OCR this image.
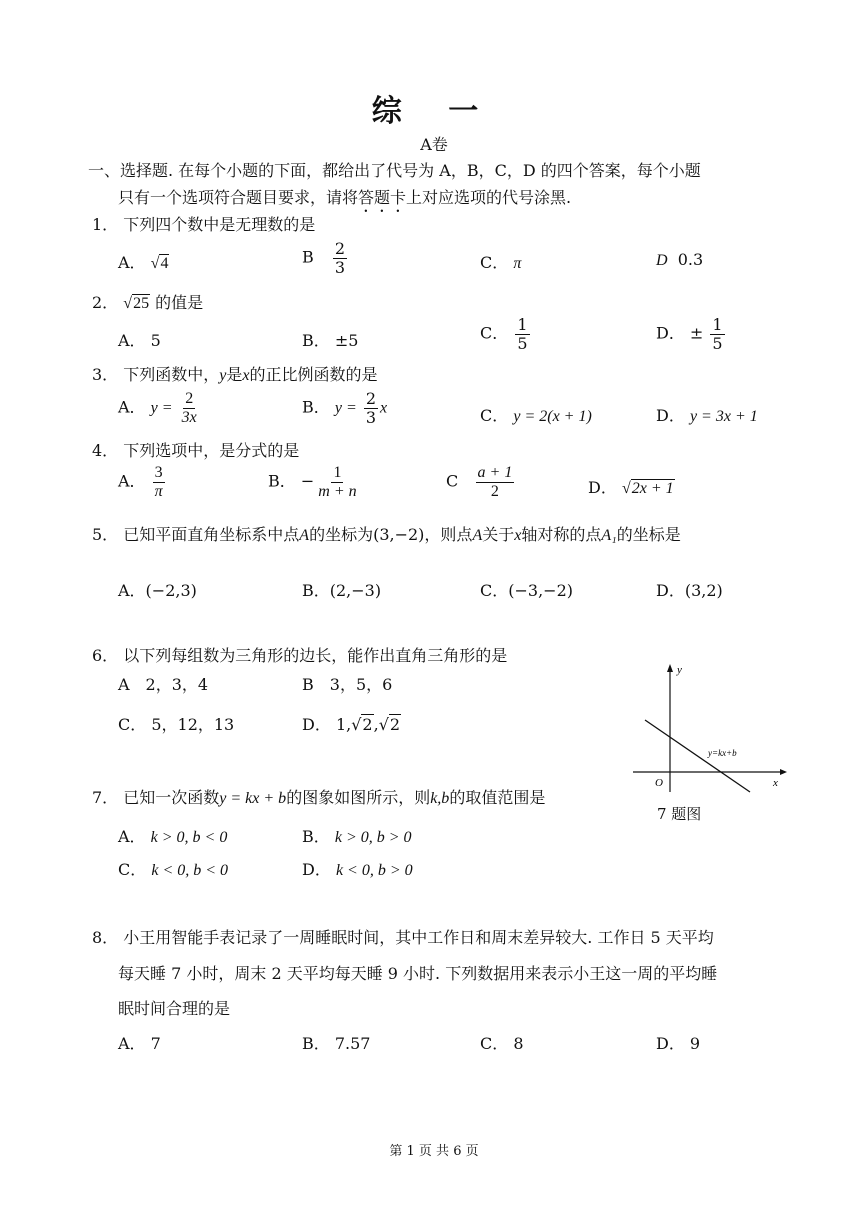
综 一
A卷
一、选择题. 在每个小题的下面，都给出了代号为 A，B，C，D 的四个答案，每个小题
只有一个选项符合题目要求，请将答题卡上对应选项的代号涂黑.
1． 下列四个数中是无理数的是
A． √4	B $\frac{2}{3}$	C． π	D 0.3
2． √25 的值是
A． 5	B． ±5	C． $\frac{1}{5}$	D． ± $\frac{1}{5}$
3． 下列函数中，y是x的正比例函数的是
A． $y = \frac{2}{3x}$	B． $y = \frac{2}{3}$ x	C． y = 2(x + 1)	D． y = 3x + 1
4． 下列选项中，是分式的是
A． $\frac{3}{\pi}$	B． − $\frac{1}{m + n}$	C $\frac{a + 1}{2}$	D． √2x + 1
5． 已知平面直角坐标系中点A的坐标为(3,−2)，则点A关于x轴对称的点A₁的坐标是
A．(−2,3)	B．(2,−3)	C．(−3,−2)	D．(3,2)
6． 以下列每组数为三角形的边长，能作出直角三角形的是
A　2，3，4	B　3，5，6
C． 5，12，13	D． 1,√2,√2
y
x
O
y=kx+b
7 题图
7． 已知一次函数y = kx + b的图象如图所示，则k,b的取值范围是
A． k > 0, b < 0	B． k > 0, b > 0
C． k < 0, b < 0	D． k < 0, b > 0
8． 小王用智能手表记录了一周睡眠时间，其中工作日和周末差异较大. 工作日 5 天平均
每天睡 7 小时，周末 2 天平均每天睡 9 小时. 下列数据用来表示小王这一周的平均睡
眠时间合理的是
A． 7	B． 7.57	C． 8	D． 9
第 1 页 共 6 页
